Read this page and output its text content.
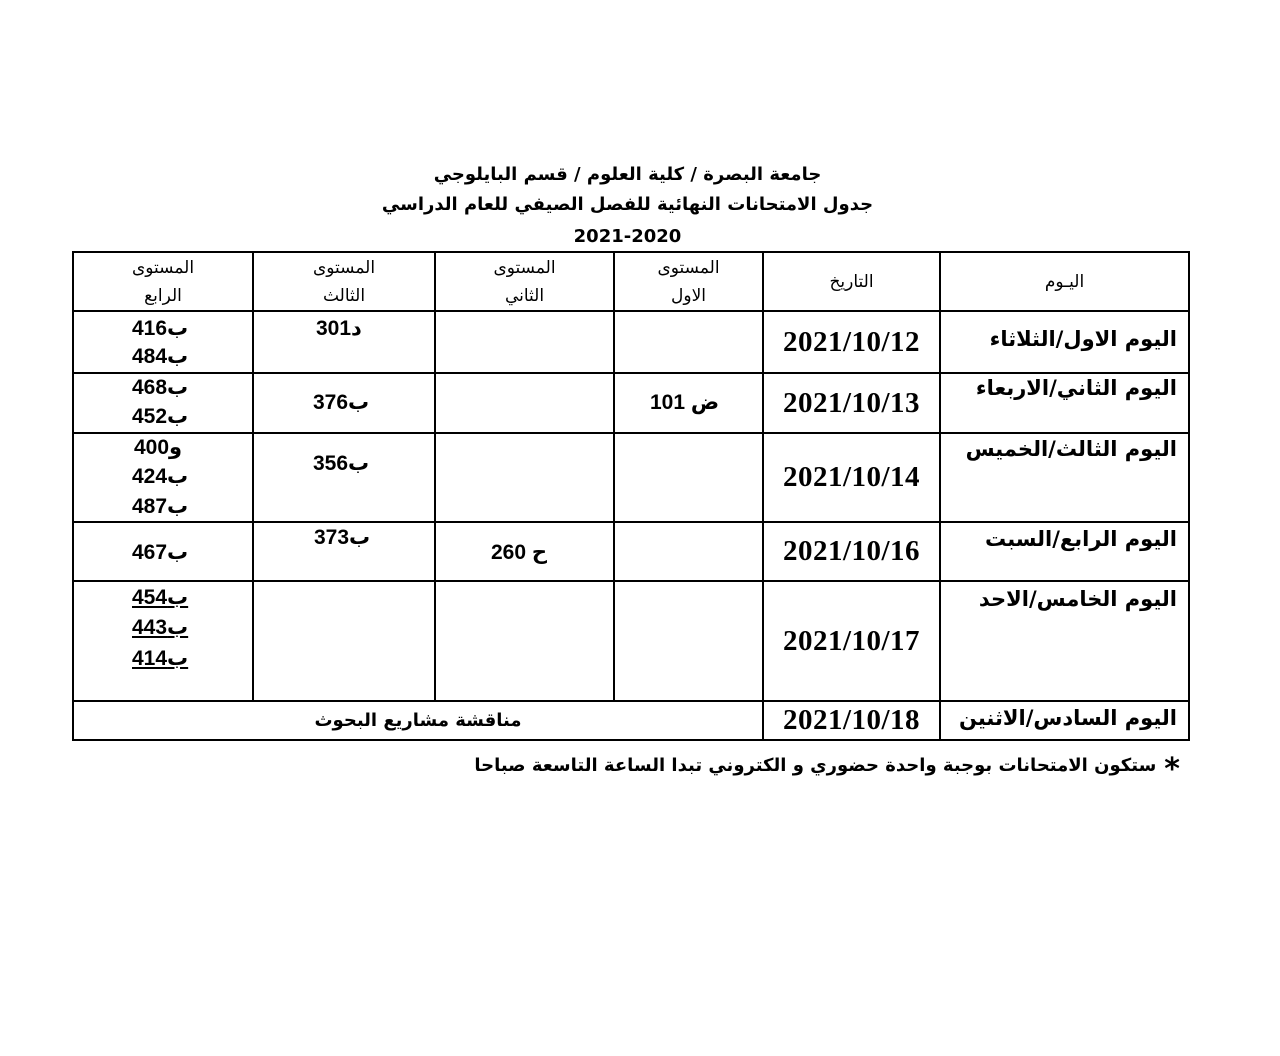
جامعة البصرة / كلية العلوم / قسم البايلوجي
جدول الامتحانات النهائية للفصل الصيفي للعام الدراسي
2021-2020
اليـوم
التاريخ
المستوى
الاول
المستوى
الثاني
المستوى
الثالث
المستوى
الرابع
اليوم الاول/الثلاثاء
2021/10/12
د301
ب416
ب484
اليوم الثاني/الاربعاء
2021/10/13
ض 101
ب376
ب468
ب452
اليوم الثالث/الخميس
2021/10/14
ب356
و400
ب424
ب487
اليوم الرابع/السبت
2021/10/16
ح 260
ب373
ب467
اليوم الخامس/الاحد
2021/10/17
ب454
ب443
ب414
اليوم السادس/الاثنين
2021/10/18
مناقشة مشاريع البحوث
*ستكون الامتحانات بوجبة واحدة حضوري و الكتروني تبدا الساعة التاسعة صباحا
